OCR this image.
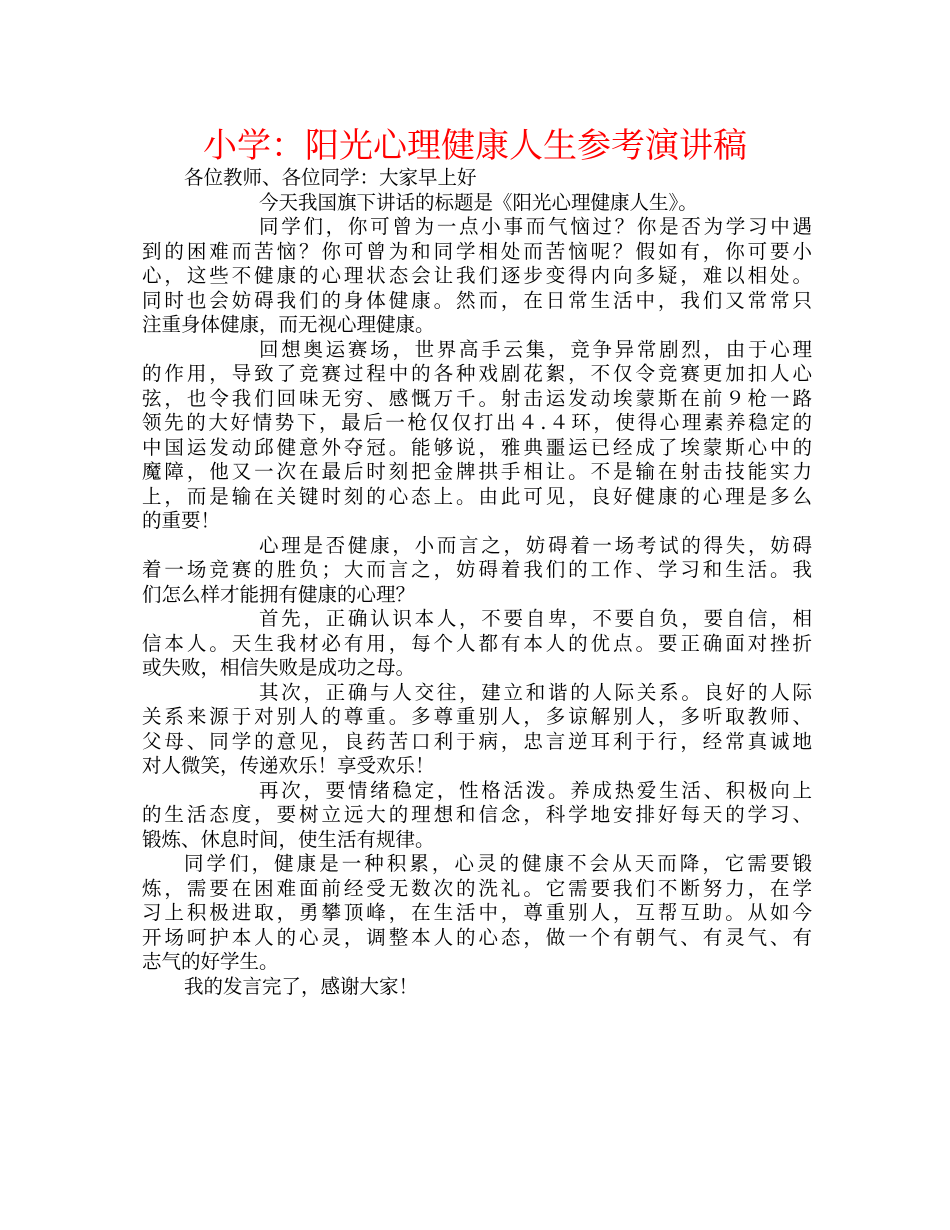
小学：阳光心理健康人生参考演讲稿
各位教师、各位同学：大家早上好
今天我国旗下讲话的标题是《阳光心理健康人生》。
同学们，你可曾为一点小事而气恼过？你是否为学习中遇
到的困难而苦恼？你可曾为和同学相处而苦恼呢？假如有，你可要小
心，这些不健康的心理状态会让我们逐步变得内向多疑，难以相处。
同时也会妨碍我们的身体健康。然而，在日常生活中，我们又常常只
注重身体健康，而无视心理健康。
回想奥运赛场，世界高手云集，竞争异常剧烈，由于心理
的作用，导致了竞赛过程中的各种戏剧花絮，不仅令竞赛更加扣人心
弦，也令我们回味无穷、感慨万千。射击运发动埃蒙斯在前９枪一路
领先的大好情势下，最后一枪仅仅打出４.４环，使得心理素养稳定的
中国运发动邱健意外夺冠。能够说，雅典噩运已经成了埃蒙斯心中的
魔障，他又一次在最后时刻把金牌拱手相让。不是输在射击技能实力
上，而是输在关键时刻的心态上。由此可见，良好健康的心理是多么
的重要！
心理是否健康，小而言之，妨碍着一场考试的得失，妨碍
着一场竞赛的胜负；大而言之，妨碍着我们的工作、学习和生活。我
们怎么样才能拥有健康的心理？
首先，正确认识本人，不要自卑，不要自负，要自信，相
信本人。天生我材必有用，每个人都有本人的优点。要正确面对挫折
或失败，相信失败是成功之母。
其次，正确与人交往，建立和谐的人际关系。良好的人际
关系来源于对别人的尊重。多尊重别人，多谅解别人，多听取教师、
父母、同学的意见，良药苦口利于病，忠言逆耳利于行，经常真诚地
对人微笑，传递欢乐！享受欢乐！
再次，要情绪稳定，性格活泼。养成热爱生活、积极向上
的生活态度，要树立远大的理想和信念，科学地安排好每天的学习、
锻炼、休息时间，使生活有规律。
同学们，健康是一种积累，心灵的健康不会从天而降，它需要锻
炼，需要在困难面前经受无数次的洗礼。它需要我们不断努力，在学
习上积极进取，勇攀顶峰，在生活中，尊重别人，互帮互助。从如今
开场呵护本人的心灵，调整本人的心态，做一个有朝气、有灵气、有
志气的好学生。
我的发言完了，感谢大家！
